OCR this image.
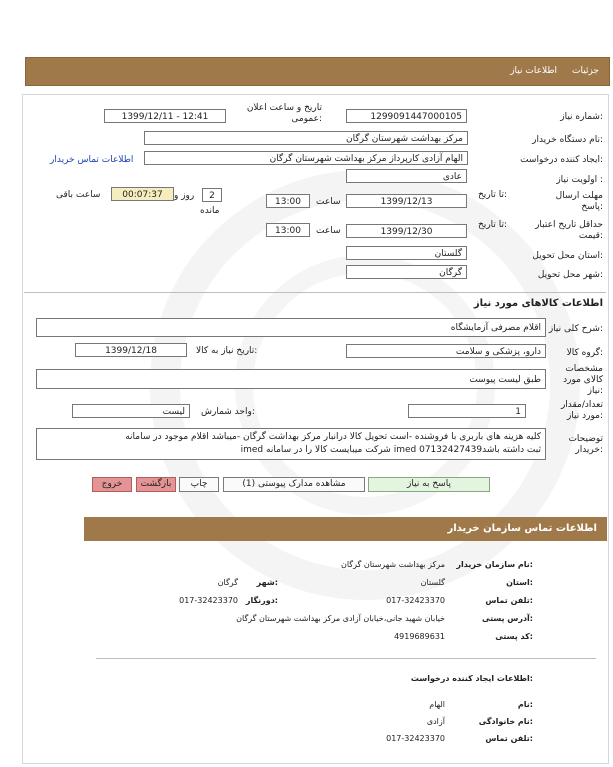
جزئیات
اطلاعات نیاز
شماره نیاز:
1299091447000105
تاریخ و ساعت اعلان
عمومی:
1399/12/11 - 12:41
نام دستگاه خریدار:
مرکز بهداشت شهرستان گرگان
ایجاد کننده درخواست:
الهام آزادی کارپرداز مرکز بهداشت شهرستان گرگان
اطلاعات تماس خریدار
اولویت نیاز :
عادی
مهلت ارسال
پاسخ:
تا تاریخ:
1399/12/13
ساعت
13:00
2
روز و
مانده
00:07:37
ساعت باقی
حداقل تاریخ اعتبار
قیمت:
تا تاریخ:
1399/12/30
ساعت
13:00
استان محل تحویل:
گلستان
شهر محل تحویل:
گرگان
اطلاعات کالاهای مورد نیاز
شرح کلی نیاز:
اقلام مصرفی آزمایشگاه
گروه کالا:
دارو، پزشکی و سلامت
تاریخ نیاز به کالا:
1399/12/18
مشخصات
کالای مورد
نیاز:
طبق لیست پیوست
تعداد/مقدار
مورد نیاز:
1
واحد شمارش:
لیست
توضیحات
خریدار:
کلیه هزینه های باربری با فروشنده -است تحویل کالا درانبار مرکز بهداشت گرگان -میباشد اقلام موجود در سامانه
imed شرکت میبایست کالا را در سامانه imed ثبت داشته باشد07132427439
پاسخ به نیاز
مشاهده مدارک پیوستی (1)
چاپ
بازگشت
خروج
اطلاعات تماس سازمان خریدار
نام سازمان خریدار:
مرکز بهداشت شهرستان گرگان
استان:
گلستان
شهر:
گرگان
تلفن تماس:
017-32423370
دورنگار:
017-32423370
آدرس پستی:
خیابان شهید جانی،خیابان آزادی مرکز بهداشت شهرستان گرگان
کد پستی:
4919689631
اطلاعات ایجاد کننده درخواست:
نام:
الهام
نام خانوادگی:
آزادی
تلفن تماس:
017-32423370
